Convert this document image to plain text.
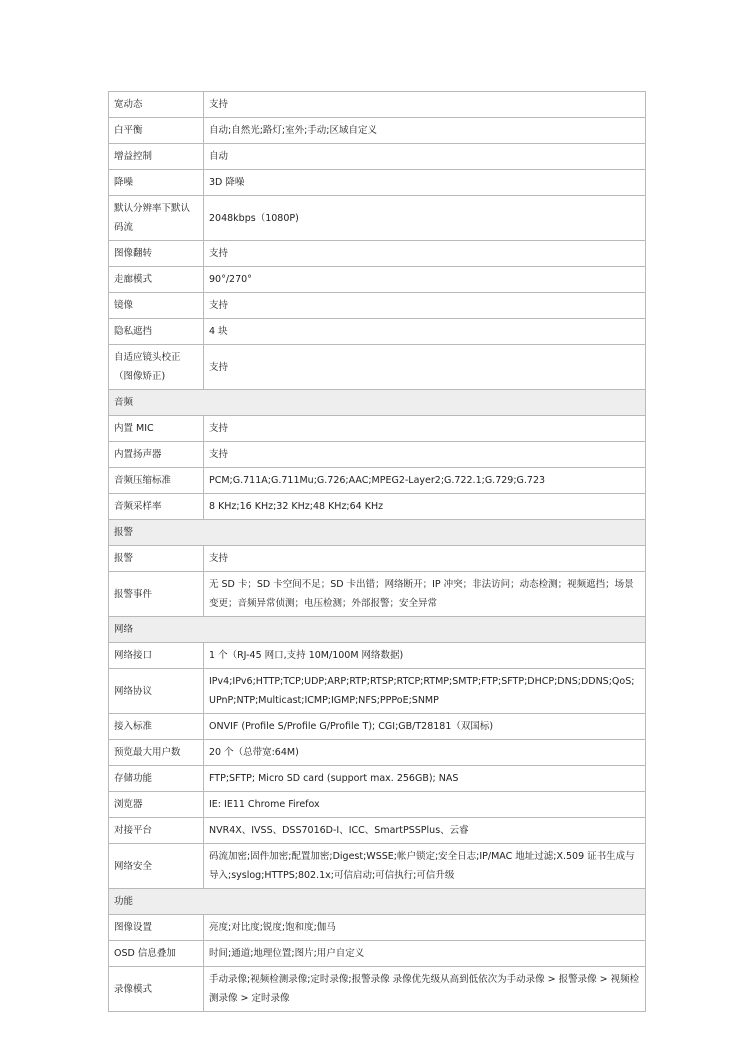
宽动态	支持
白平衡	自动;自然光;路灯;室外;手动;区域自定义
增益控制	自动
降噪	3D 降噪
默认分辨率下默认码流	2048kbps（1080P)
图像翻转	支持
走廊模式	90°/270°
镜像	支持
隐私遮挡	4 块
自适应镜头校正（图像矫正)	支持
音频	
内置 MIC	支持
内置扬声器	支持
音频压缩标准	PCM;G.711A;G.711Mu;G.726;AAC;MPEG2-Layer2;G.722.1;G.729;G.723
音频采样率	8 KHz;16 KHz;32 KHz;48 KHz;64 KHz
报警	
报警	支持
报警事件	无 SD 卡；SD 卡空间不足；SD 卡出错；网络断开；IP 冲突；非法访问；动态检测；视频遮挡；场景变更；音频异常侦测；电压检测；外部报警；安全异常
网络	
网络接口	1 个（RJ-45 网口,支持 10M/100M 网络数据)
网络协议	IPv4;IPv6;HTTP;TCP;UDP;ARP;RTP;RTSP;RTCP;RTMP;SMTP;FTP;SFTP;DHCP;DNS;DDNS;QoS;UPnP;NTP;Multicast;ICMP;IGMP;NFS;PPPoE;SNMP
接入标准	ONVIF (Profile S/Profile G/Profile T); CGI;GB/T28181（双国标)
预览最大用户数	20 个（总带宽:64M)
存储功能	FTP;SFTP; Micro SD card (support max. 256GB); NAS
浏览器	IE: IE11 Chrome Firefox
对接平台	NVR4X、IVSS、DSS7016D-I、ICC、SmartPSSPlus、云睿
网络安全	码流加密;固件加密;配置加密;Digest;WSSE;帐户锁定;安全日志;IP/MAC 地址过滤;X.509 证书生成与导入;syslog;HTTPS;802.1x;可信启动;可信执行;可信升级
功能	
图像设置	亮度;对比度;锐度;饱和度;伽马
OSD 信息叠加	时间;通道;地理位置;图片;用户自定义
录像模式	手动录像;视频检测录像;定时录像;报警录像 录像优先级从高到低依次为手动录像 > 报警录像 > 视频检测录像 > 定时录像
